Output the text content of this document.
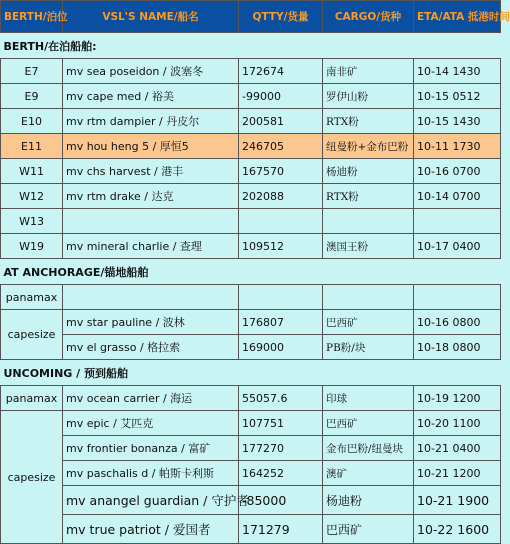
BERTH/泊位	VSL'S NAME/船名	QTTY/货量	CARGO/货种	ETA/ATA 抵港时间
BERTH/在泊船舶:				
E7	mv sea poseidon / 波塞冬	172674	南非矿	10-14 1430
E9	mv cape med / 裕美	-99000	罗伊山粉	10-15 0512
E10	mv rtm dampier / 丹皮尔	200581	RTX粉	10-15 1430
E11	mv hou heng 5 / 厚恒5	246705	纽曼粉+金布巴粉	10-11 1730
W11	mv chs harvest / 港丰	167570	杨迪粉	10-16 0700
W12	mv rtm drake / 达克	202088	RTX粉	10-14 0700
W13				
W19	mv mineral charlie / 查理	109512	澳国王粉	10-17 0400
AT ANCHORAGE/锚地船舶				
panamax				
capesize	mv star pauline / 波林	176807	巴西矿	10-16 0800
	mv el grasso / 格拉索	169000	PB粉/块	10-18 0800
UNCOMING / 预到船舶				
panamax	mv ocean carrier / 海运	55057.6	印球	10-19 1200
capesize	mv epic / 艾匹克	107751	巴西矿	10-20 1100
	mv frontier bonanza / 富矿	177270	金布巴粉/纽曼块	10-21 0400
	mv paschalis d / 帕斯卡利斯	164252	澳矿	10-21 1200
	mv anangel guardian / 守护者	-85000	杨迪粉	10-21 1900
	mv true patriot / 爱国者	171279	巴西矿	10-22 1600
